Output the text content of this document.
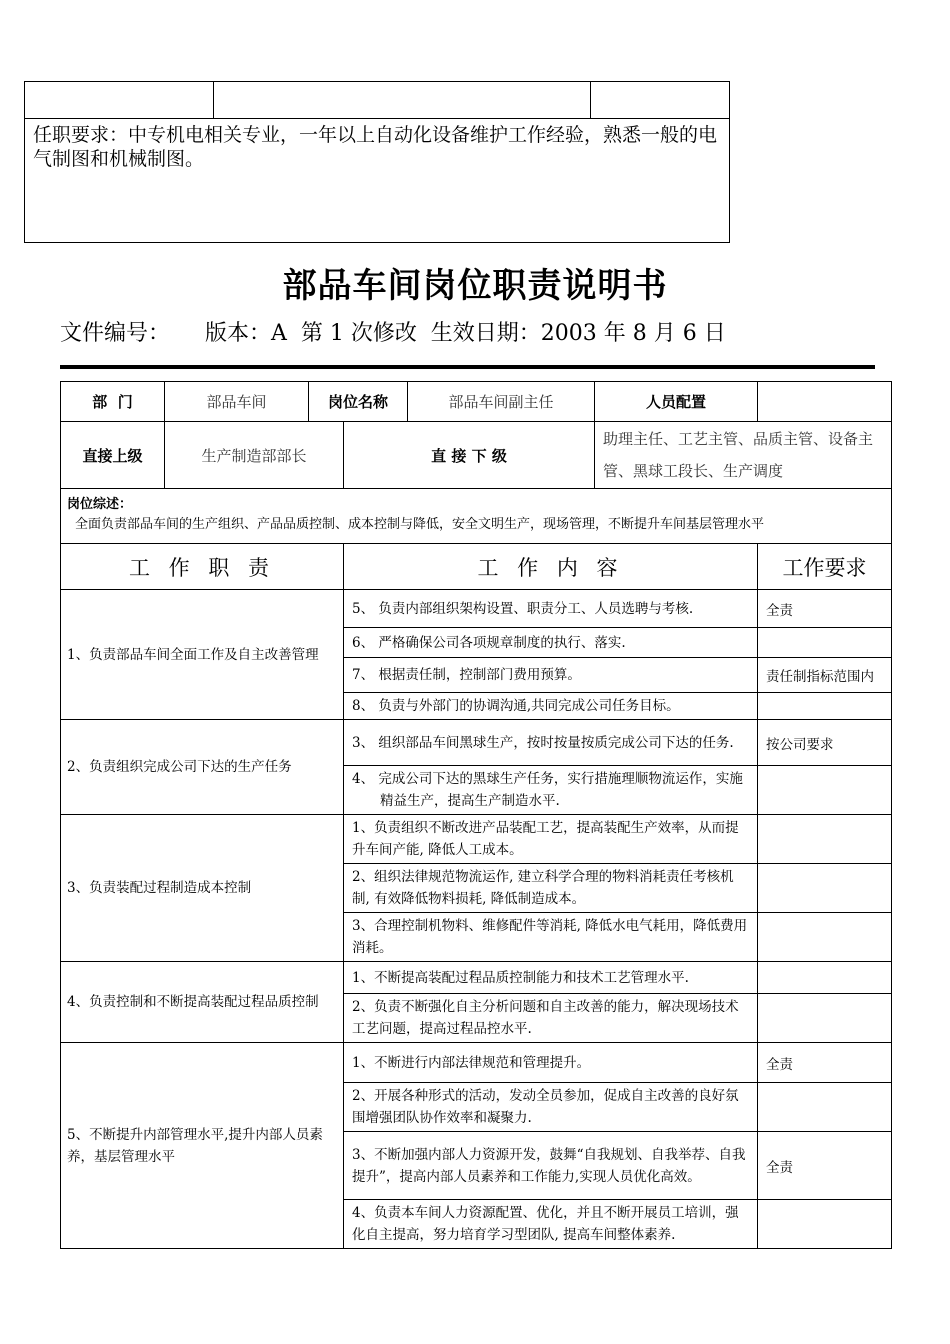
任职要求：中专机电相关专业，一年以上自动化设备维护工作经验，熟悉一般的电气制图和机械制图。
部品车间岗位职责说明书
文件编号：     版本：A  第 1 次修改  生效日期：2003 年 8 月 6 日
部  门	部品车间	岗位名称		部品车间副主任	人员配置	
直接上级	生产制造部部长		直 接 下 级		助理主任、工艺主管、品质主管、设备主管、黑球工段长、生产调度	
岗位综述：
全面负责部品车间的生产组织、产品品质控制、成本控制与降低，安全文明生产，现场管理，不断提升车间基层管理水平						
工 作 职 责			工 作 内 容			工作要求
1、负责部品车间全面工作及自主改善管理			5、 负责内部组织架构设置、职责分工、人员选聘与考核.			全责
			6、 严格确保公司各项规章制度的执行、落实.			
			7、 根据责任制，控制部门费用预算。			责任制指标范围内
			8、 负责与外部门的协调沟通,共同完成公司任务目标。			
2、负责组织完成公司下达的生产任务			3、 组织部品车间黑球生产，按时按量按质完成公司下达的任务.			按公司要求
			4、 完成公司下达的黑球生产任务，实行措施理顺物流运作，实施精益生产，提高生产制造水平.			
3、负责装配过程制造成本控制			1、负责组织不断改进产品装配工艺，提高装配生产效率，从而提升车间产能, 降低人工成本。			
			2、组织法律规范物流运作, 建立科学合理的物料消耗责任考核机制, 有效降低物料损耗, 降低制造成本。			
			3、合理控制机物料、维修配件等消耗, 降低水电气耗用，降低费用消耗。			
4、负责控制和不断提高装配过程品质控制			1、不断提高装配过程品质控制能力和技术工艺管理水平.			
			2、负责不断强化自主分析问题和自主改善的能力，解决现场技术工艺问题，提高过程品控水平.			
5、不断提升内部管理水平,提升内部人员素养，基层管理水平			1、不断进行内部法律规范和管理提升。			全责
			2、开展各种形式的活动，发动全员参加，促成自主改善的良好氛围增强团队协作效率和凝聚力.			
			3、不断加强内部人力资源开发，鼓舞“自我规划、自我举荐、自我提升”，提高内部人员素养和工作能力,实现人员优化高效。			全责
			4、负责本车间人力资源配置、优化，并且不断开展员工培训，强化自主提高，努力培育学习型团队, 提高车间整体素养.			
